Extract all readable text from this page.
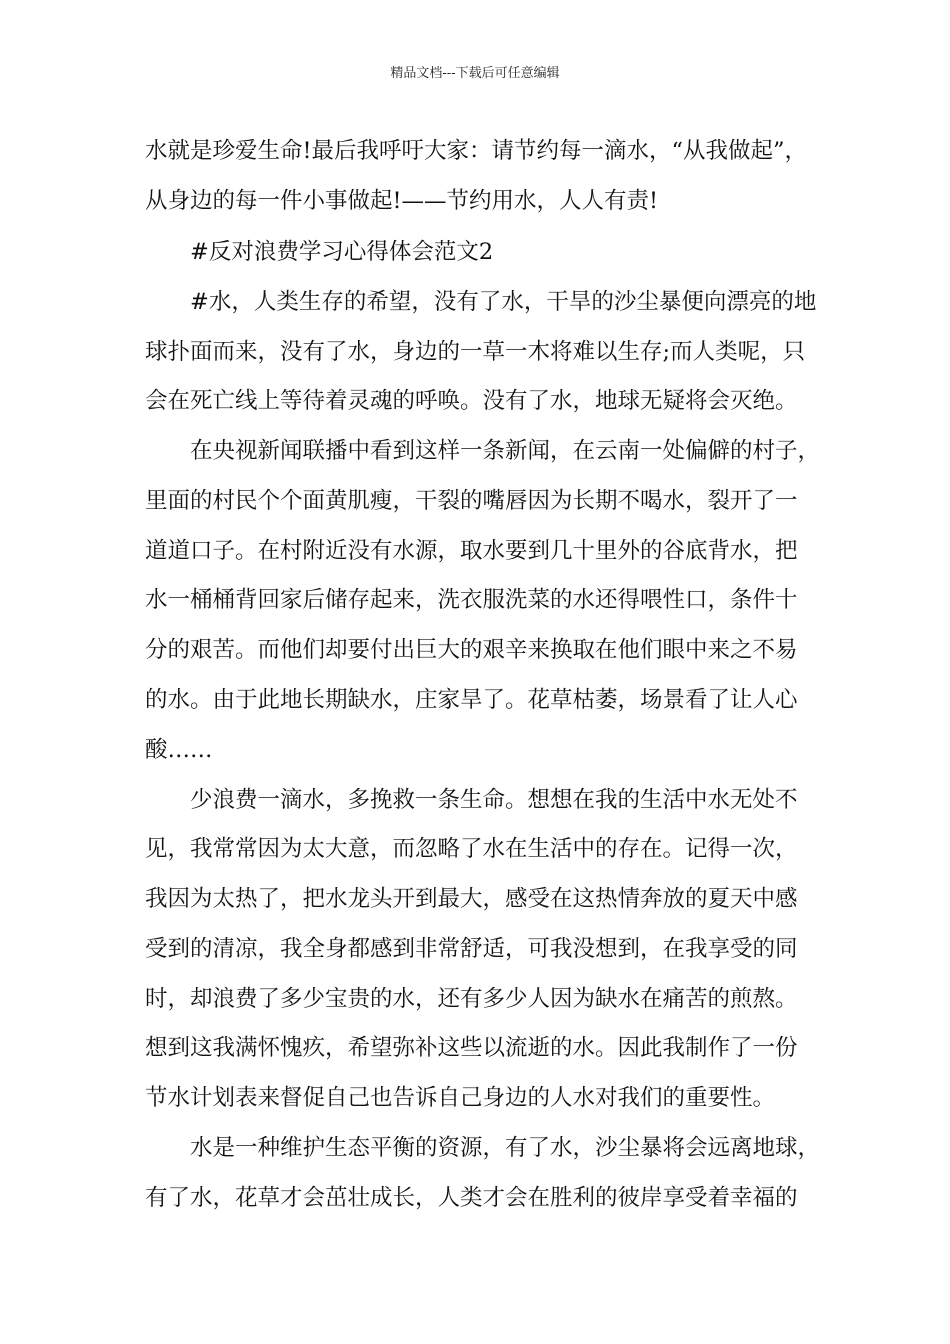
精品文档---下载后可任意编辑
水就是珍爱生命!最后我呼吁大家：请节约每一滴水，“从我做起”，
从身边的每一件小事做起!——节约用水，人人有责!
#反对浪费学习心得体会范文2
#水，人类生存的希望，没有了水，干旱的沙尘暴便向漂亮的地
球扑面而来，没有了水，身边的一草一木将难以生存;而人类呢，只
会在死亡线上等待着灵魂的呼唤。没有了水，地球无疑将会灭绝。
在央视新闻联播中看到这样一条新闻，在云南一处偏僻的村子，
里面的村民个个面黄肌瘦，干裂的嘴唇因为长期不喝水，裂开了一
道道口子。在村附近没有水源，取水要到几十里外的谷底背水，把
水一桶桶背回家后储存起来，洗衣服洗菜的水还得喂性口，条件十
分的艰苦。而他们却要付出巨大的艰辛来换取在他们眼中来之不易
的水。由于此地长期缺水，庄家旱了。花草枯萎，场景看了让人心
酸……
少浪费一滴水，多挽救一条生命。想想在我的生活中水无处不
见，我常常因为太大意，而忽略了水在生活中的存在。记得一次，
我因为太热了，把水龙头开到最大，感受在这热情奔放的夏天中感
受到的清凉，我全身都感到非常舒适，可我没想到，在我享受的同
时，却浪费了多少宝贵的水，还有多少人因为缺水在痛苦的煎熬。
想到这我满怀愧疚，希望弥补这些以流逝的水。因此我制作了一份
节水计划表来督促自己也告诉自己身边的人水对我们的重要性。
水是一种维护生态平衡的资源，有了水，沙尘暴将会远离地球，
有了水，花草才会茁壮成长，人类才会在胜利的彼岸享受着幸福的
